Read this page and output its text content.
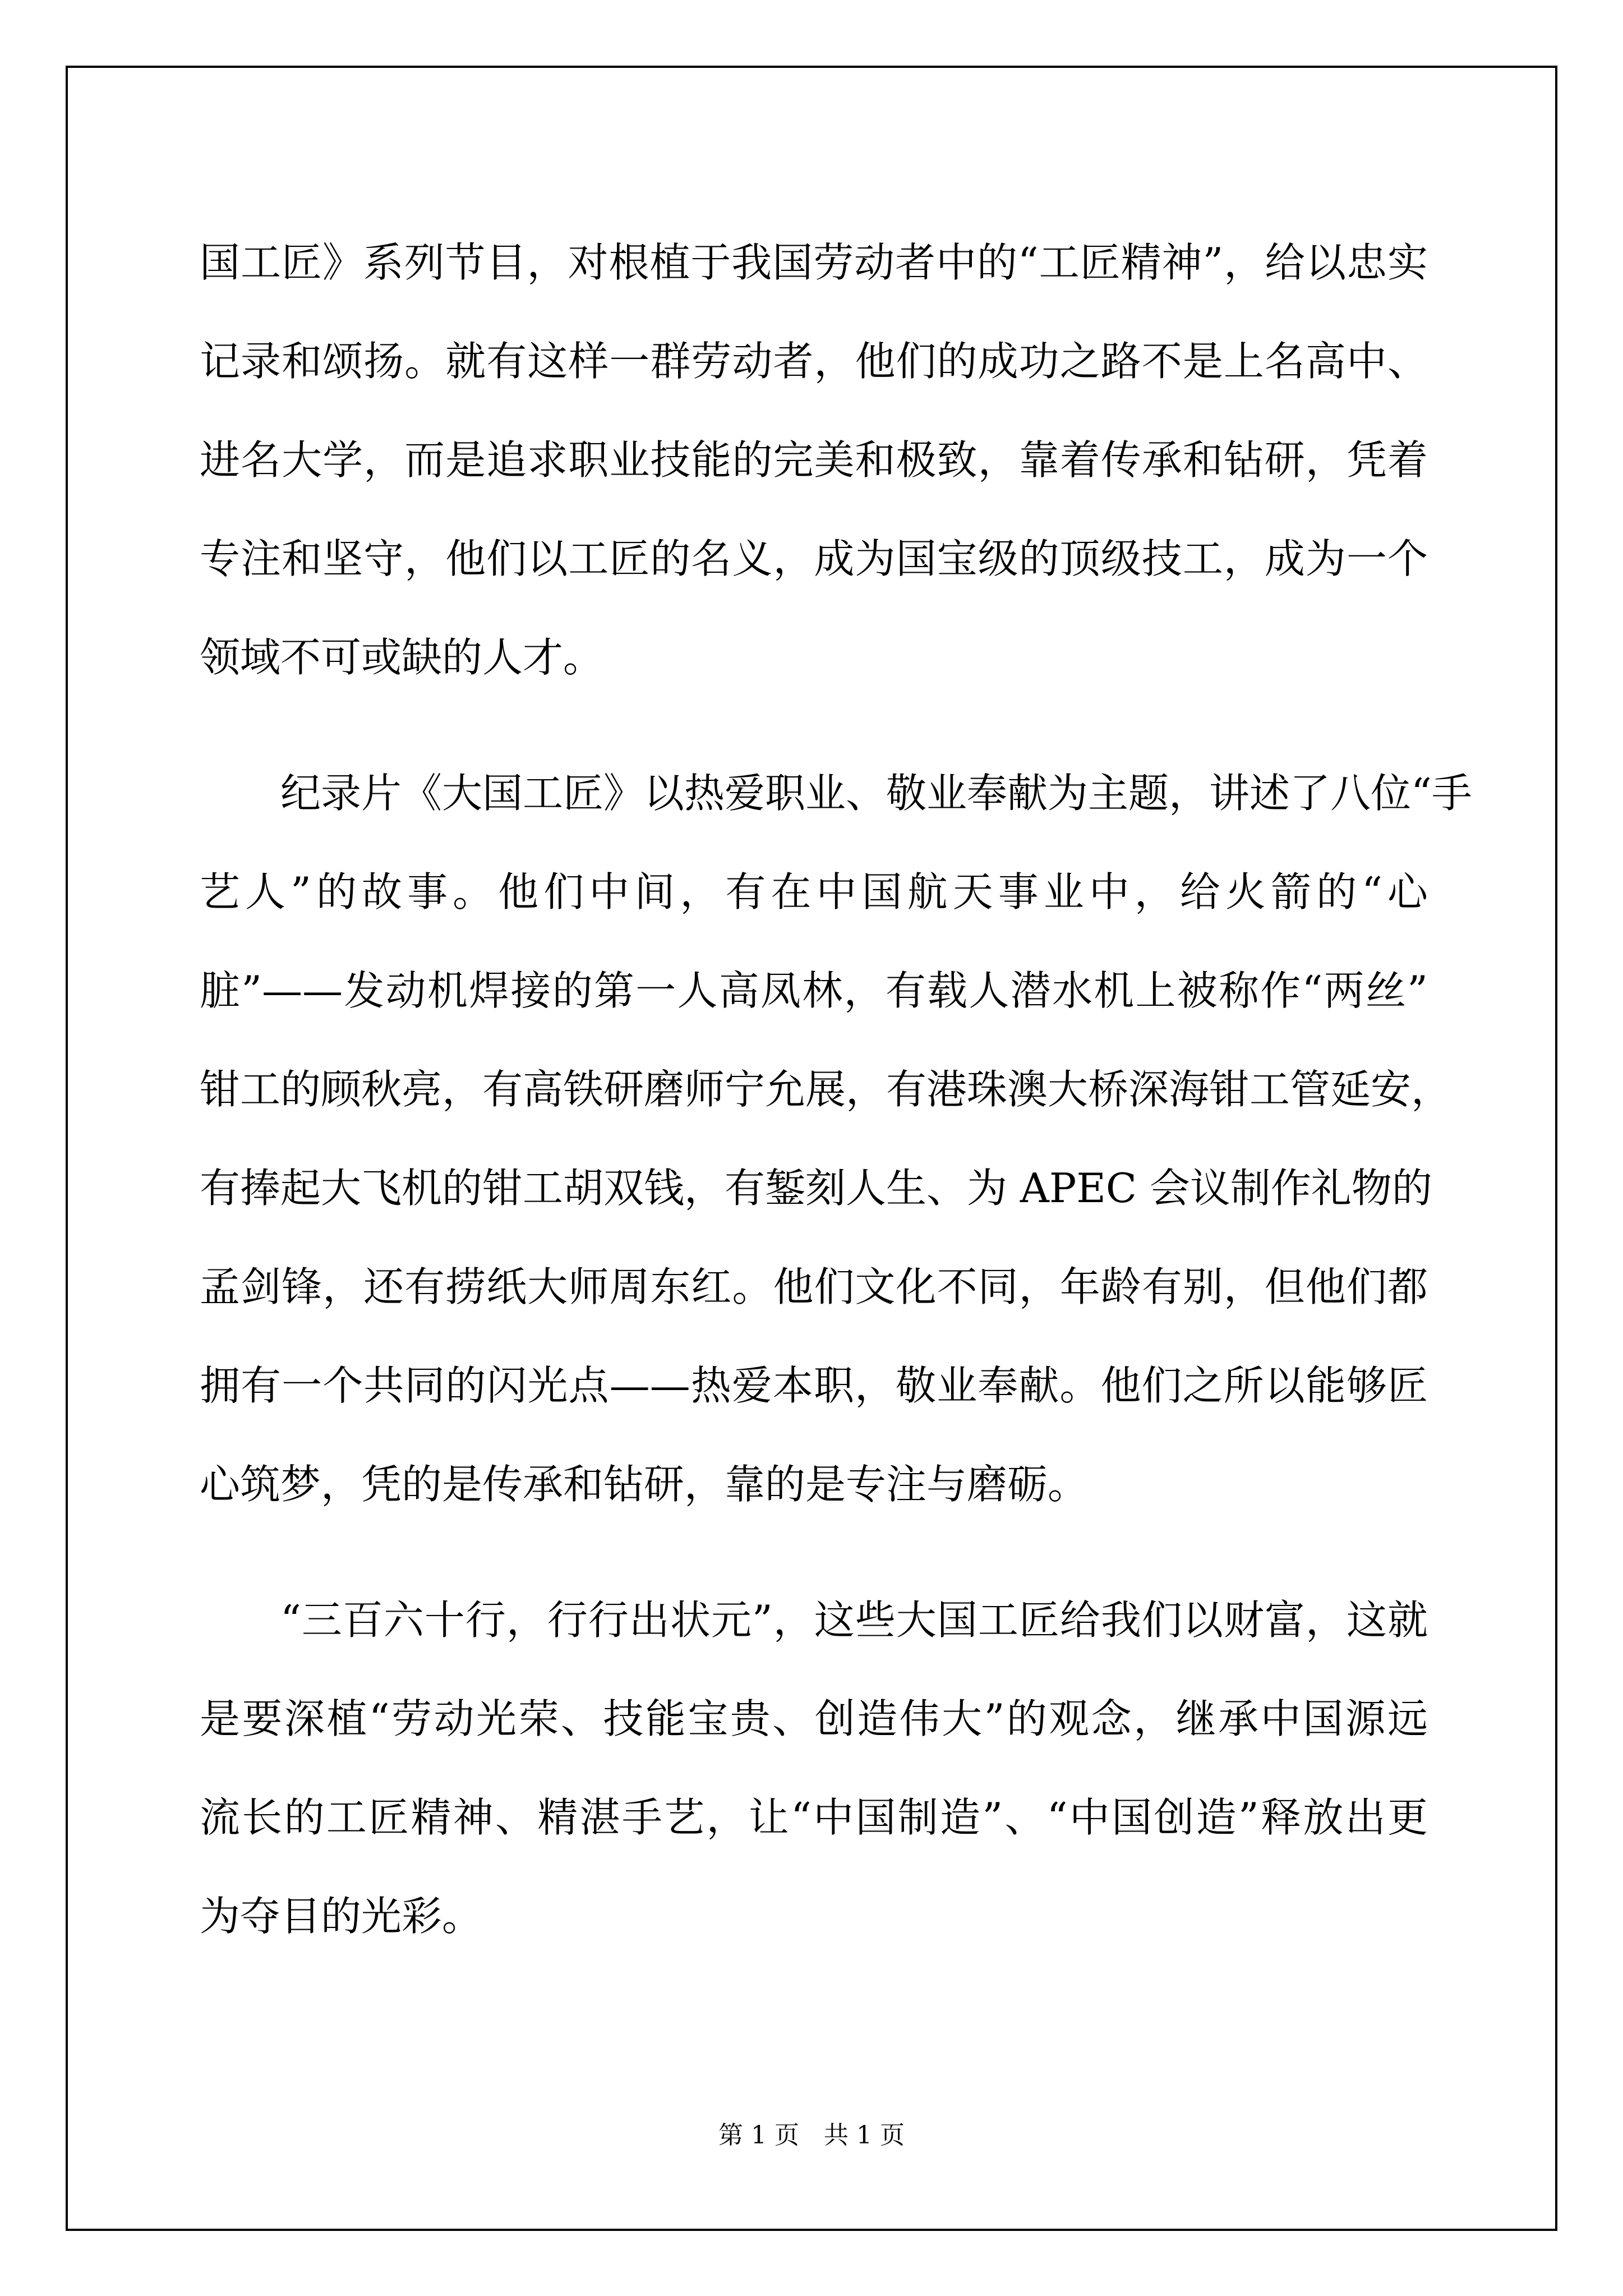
国工匠》系列节目，对根植于我国劳动者中的“工匠精神”，给以忠实
记录和颂扬。就有这样一群劳动者，他们的成功之路不是上名高中、
进名大学，而是追求职业技能的完美和极致，靠着传承和钻研，凭着
专注和坚守，他们以工匠的名义，成为国宝级的顶级技工，成为一个
领域不可或缺的人才。
纪录片《大国工匠》以热爱职业、敬业奉献为主题，讲述了八位“手
艺人”的故事。他们中间，有在中国航天事业中，给火箭的“心
脏”——发动机焊接的第一人高凤林，有载人潜水机上被称作“两丝”
钳工的顾秋亮，有高铁研磨师宁允展，有港珠澳大桥深海钳工管延安，
有捧起大飞机的钳工胡双钱，有錾刻人生、为 APEC 会议制作礼物的
孟剑锋，还有捞纸大师周东红。他们文化不同，年龄有别，但他们都
拥有一个共同的闪光点——热爱本职，敬业奉献。他们之所以能够匠
心筑梦，凭的是传承和钻研，靠的是专注与磨砺。
“三百六十行，行行出状元”，这些大国工匠给我们以财富，这就
是要深植“劳动光荣、技能宝贵、创造伟大”的观念，继承中国源远
流长的工匠精神、精湛手艺，让“中国制造”、“中国创造”释放出更
为夺目的光彩。
第 1 页 共 1 页
